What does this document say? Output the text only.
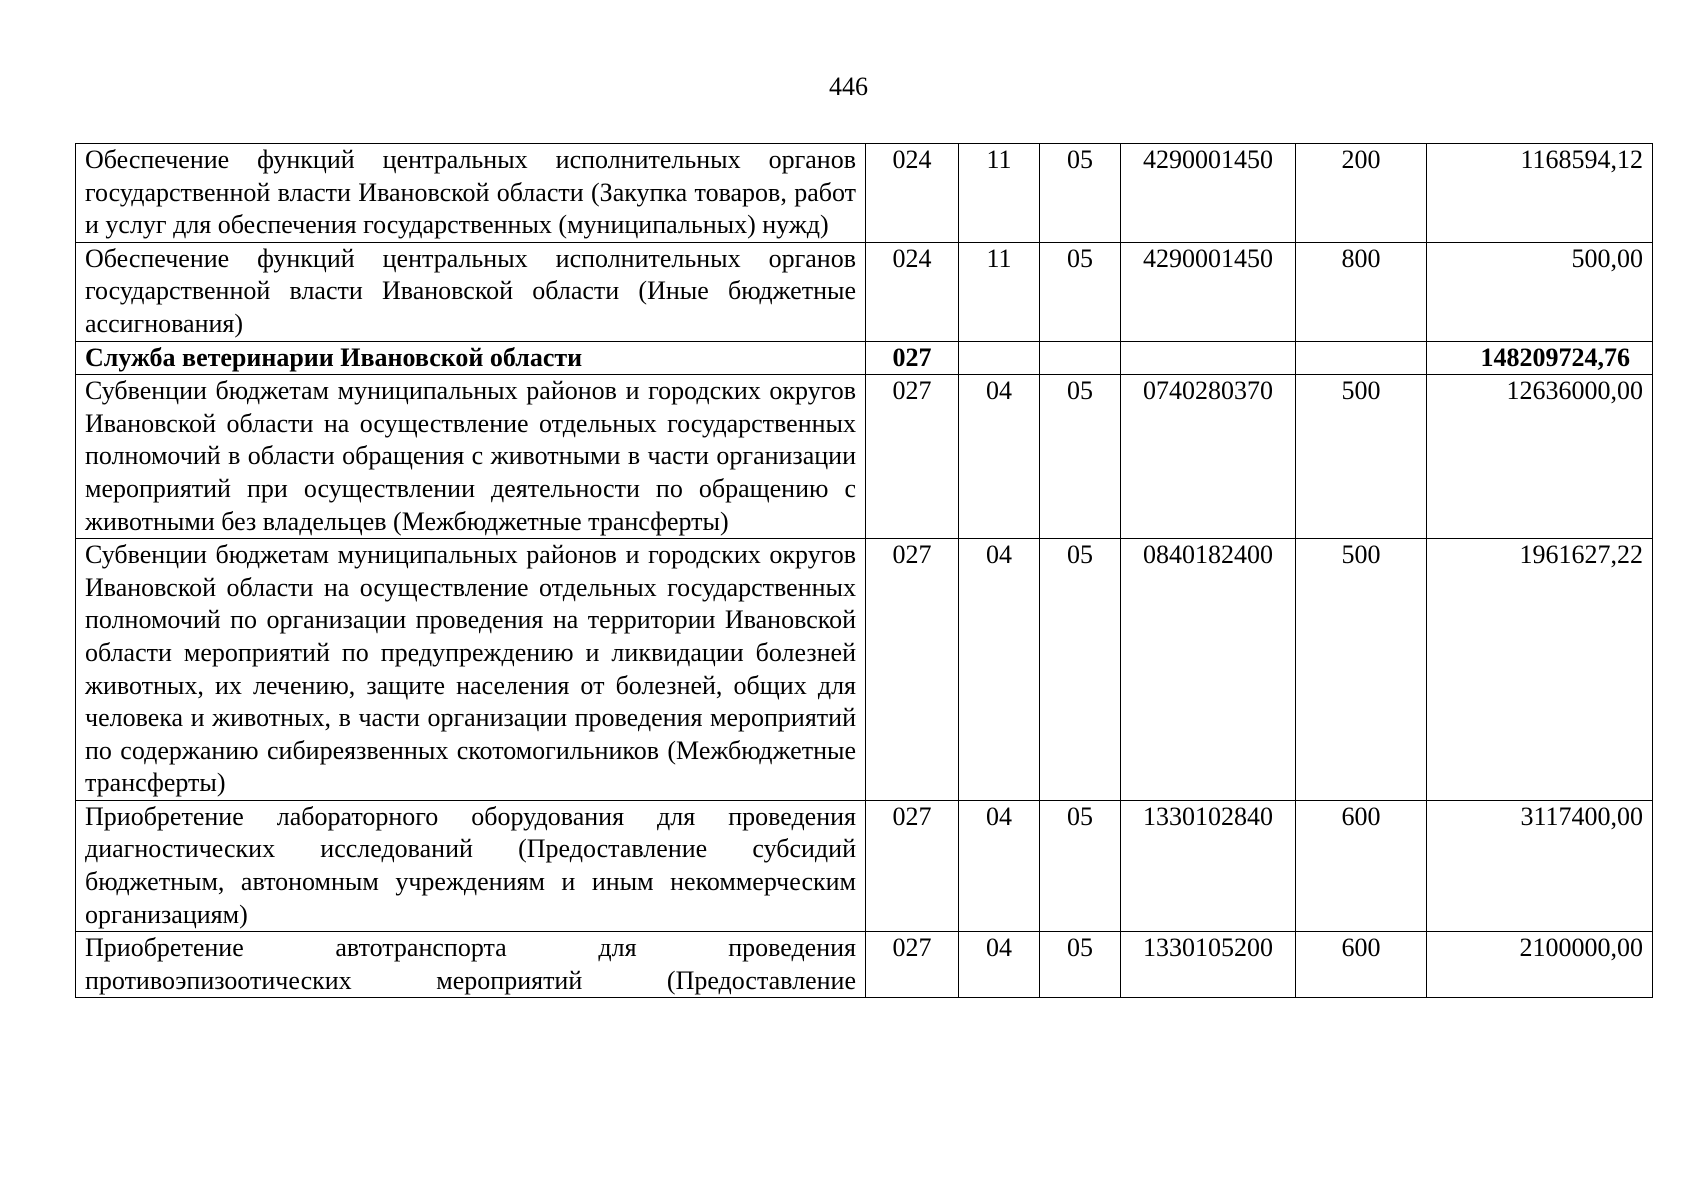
446
Обеспечение функций центральных исполнительных органов государственной власти Ивановской области (Закупка товаров, работ и услуг для обеспечения государственных (муниципальных) нужд)	024	11	05	4290001450	200	1168594,12
Обеспечение функций центральных исполнительных органов государственной власти Ивановской области (Иные бюджетные ассигнования)	024	11	05	4290001450	800	500,00
Служба ветеринарии Ивановской области	027					148209724,76
Субвенции бюджетам муниципальных районов и городских округов Ивановской области на осуществление отдельных государственных полномочий в области обращения с животными в части организации мероприятий при осуществлении деятельности по обращению с животными без владельцев (Межбюджетные трансферты)	027	04	05	0740280370	500	12636000,00
Субвенции бюджетам муниципальных районов и городских округов Ивановской области на осуществление отдельных государственных полномочий по организации проведения на территории Ивановской области мероприятий по предупреждению и ликвидации болезней животных, их лечению, защите населения от болезней, общих для человека и животных, в части организации проведения мероприятий по содержанию сибиреязвенных скотомогильников (Межбюджетные трансферты)	027	04	05	0840182400	500	1961627,22
Приобретение лабораторного оборудования для проведения диагностических исследований (Предоставление субсидий бюджетным, автономным учреждениям и иным некоммерческим организациям)	027	04	05	1330102840	600	3117400,00
Приобретение автотранспорта для проведения противоэпизоотических мероприятий (Предоставление	027	04	05	1330105200	600	2100000,00
